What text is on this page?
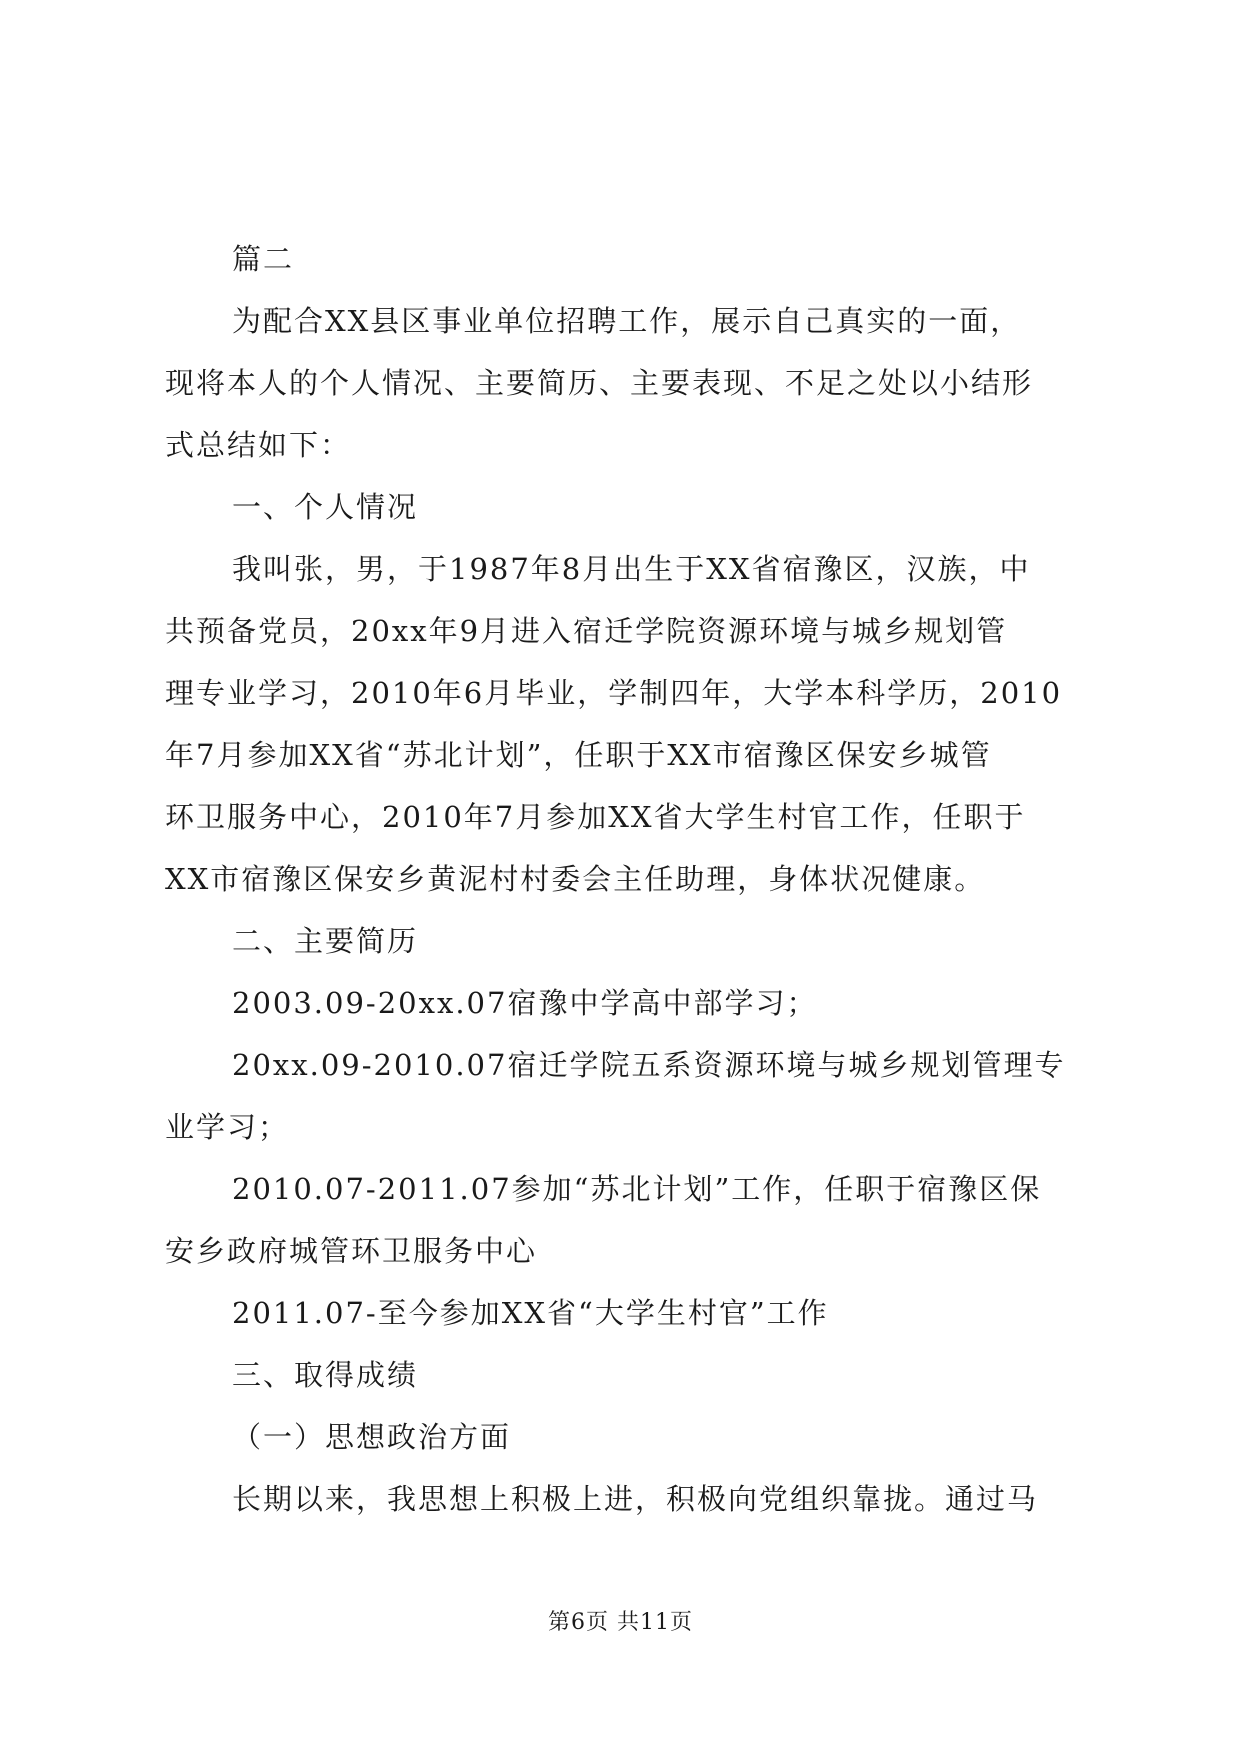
篇二
为配合XX县区事业单位招聘工作，展示自己真实的一面，
现将本人的个人情况、主要简历、主要表现、不足之处以小结形
式总结如下：
一、个人情况
我叫张，男，于1987年8月出生于XX省宿豫区，汉族，中
共预备党员，20xx年9月进入宿迁学院资源环境与城乡规划管
理专业学习，2010年6月毕业，学制四年，大学本科学历，2010
年7月参加XX省“苏北计划”，任职于XX市宿豫区保安乡城管
环卫服务中心，2010年7月参加XX省大学生村官工作，任职于
XX市宿豫区保安乡黄泥村村委会主任助理，身体状况健康。
二、主要简历
2003.09-20xx.07宿豫中学高中部学习；
20xx.09-2010.07宿迁学院五系资源环境与城乡规划管理专
业学习；
2010.07-2011.07参加“苏北计划”工作，任职于宿豫区保
安乡政府城管环卫服务中心
2011.07-至今参加XX省“大学生村官”工作
三、取得成绩
（一）思想政治方面
长期以来，我思想上积极上进，积极向党组织靠拢。通过马
第6页 共11页
